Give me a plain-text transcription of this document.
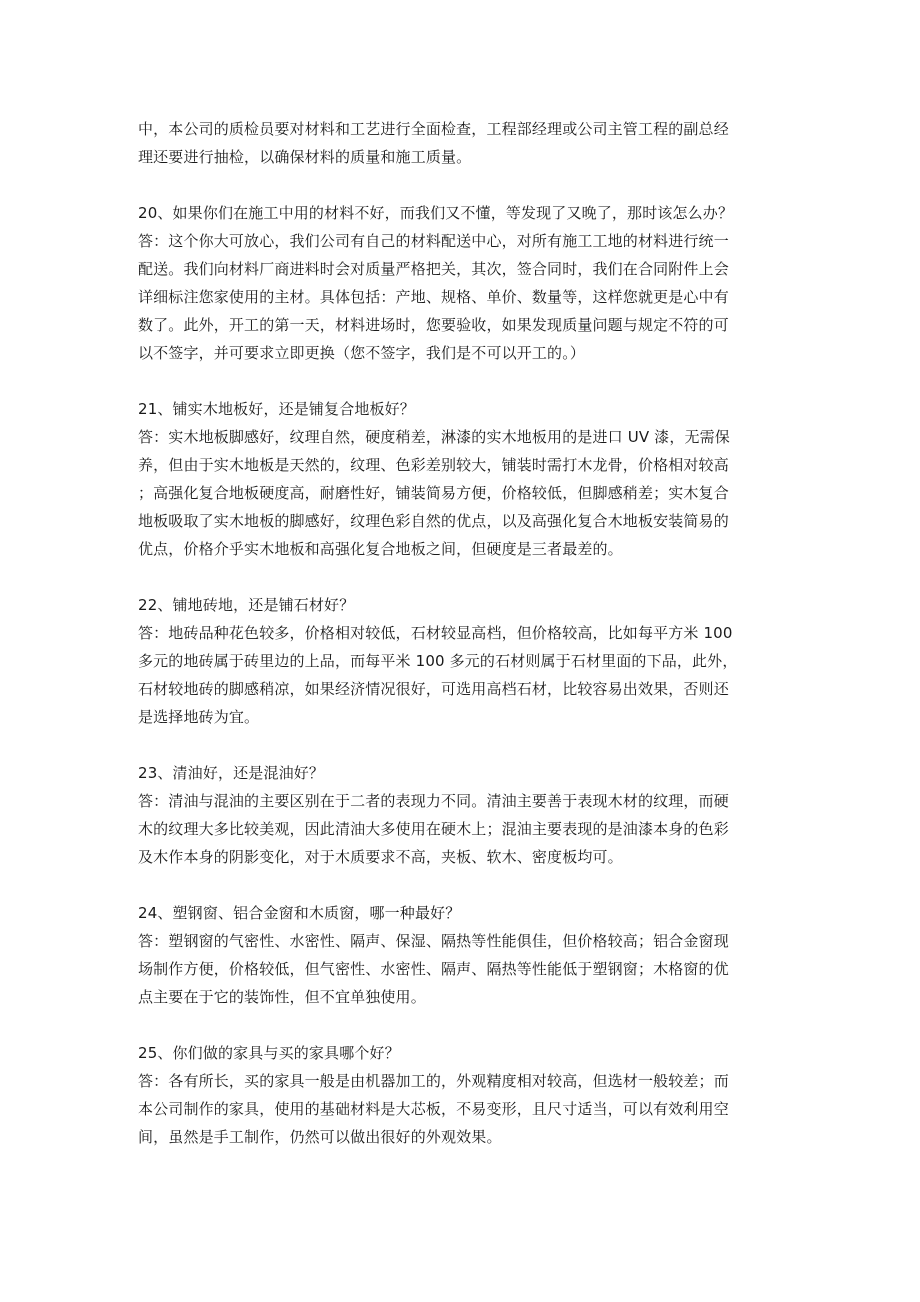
中，本公司的质检员要对材料和工艺进行全面检查，工程部经理或公司主管工程的副总经
理还要进行抽检，以确保材料的质量和施工质量。
20、如果你们在施工中用的材料不好，而我们又不懂，等发现了又晚了，那时该怎么办？
答：这个你大可放心，我们公司有自己的材料配送中心，对所有施工工地的材料进行统一
配送。我们向材料厂商进料时会对质量严格把关，其次，签合同时，我们在合同附件上会
详细标注您家使用的主材。具体包括：产地、规格、单价、数量等，这样您就更是心中有
数了。此外，开工的第一天，材料进场时，您要验收，如果发现质量问题与规定不符的可
以不签字，并可要求立即更换（您不签字，我们是不可以开工的。）
21、铺实木地板好，还是铺复合地板好？
答：实木地板脚感好，纹理自然，硬度稍差，淋漆的实木地板用的是进口 UV 漆，无需保
养，但由于实木地板是天然的，纹理、色彩差别较大，铺装时需打木龙骨，价格相对较高
；高强化复合地板硬度高，耐磨性好，铺装简易方便，价格较低，但脚感稍差；实木复合
地板吸取了实木地板的脚感好，纹理色彩自然的优点，以及高强化复合木地板安装简易的
优点，价格介乎实木地板和高强化复合地板之间，但硬度是三者最差的。
22、铺地砖地，还是铺石材好？
答：地砖品种花色较多，价格相对较低，石材较显高档，但价格较高，比如每平方米 100
多元的地砖属于砖里边的上品，而每平米 100 多元的石材则属于石材里面的下品，此外，
石材较地砖的脚感稍凉，如果经济情况很好，可选用高档石材，比较容易出效果，否则还
是选择地砖为宜。
23、清油好，还是混油好？
答：清油与混油的主要区别在于二者的表现力不同。清油主要善于表现木材的纹理，而硬
木的纹理大多比较美观，因此清油大多使用在硬木上；混油主要表现的是油漆本身的色彩
及木作本身的阴影变化，对于木质要求不高，夹板、软木、密度板均可。
24、塑钢窗、铝合金窗和木质窗，哪一种最好？
答：塑钢窗的气密性、水密性、隔声、保湿、隔热等性能俱佳，但价格较高；铝合金窗现
场制作方便，价格较低，但气密性、水密性、隔声、隔热等性能低于塑钢窗；木格窗的优
点主要在于它的装饰性，但不宜单独使用。
25、你们做的家具与买的家具哪个好？
答：各有所长，买的家具一般是由机器加工的，外观精度相对较高，但选材一般较差；而
本公司制作的家具，使用的基础材料是大芯板，不易变形，且尺寸适当，可以有效利用空
间，虽然是手工制作，仍然可以做出很好的外观效果。
